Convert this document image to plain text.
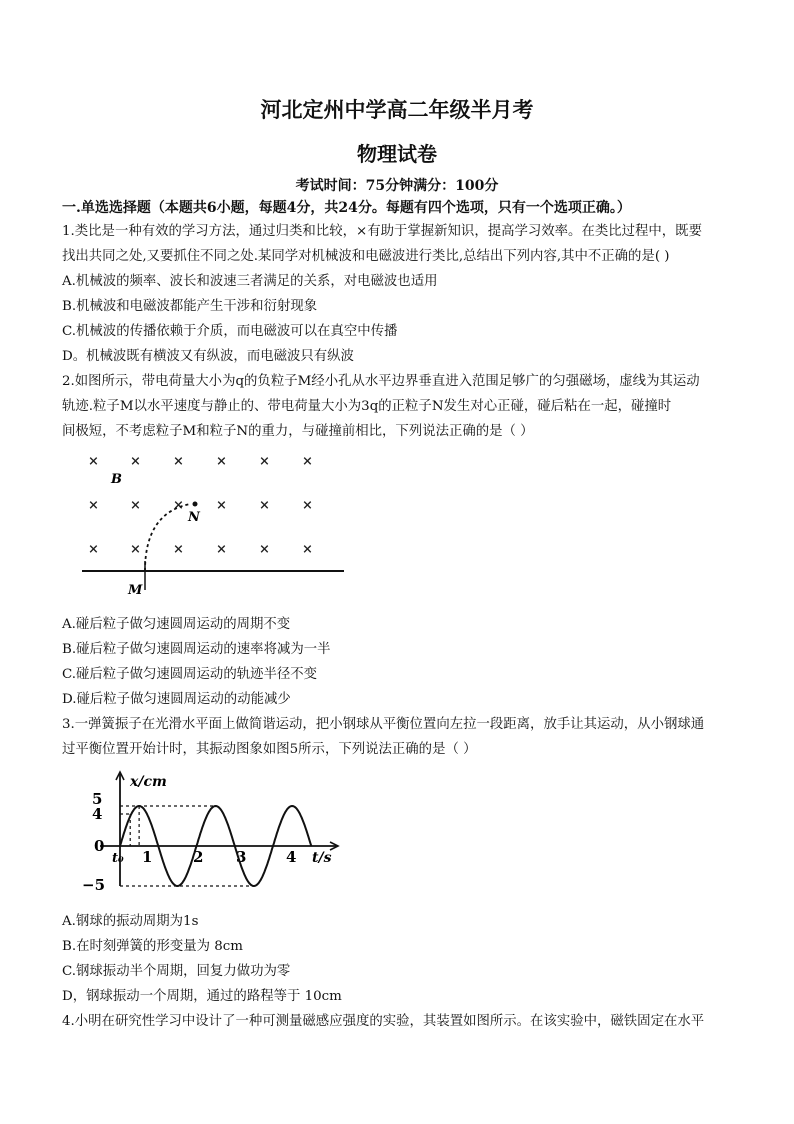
河北定州中学高二年级半月考
物理试卷
考试时间：75分钟满分：100分
一.单选选择题（本题共6小题，每题4分，共24分。每题有四个选项，只有一个选项正确。）
1.类比是一种有效的学习方法，通过归类和比较，×有助于掌握新知识，提高学习效率。在类比过程中，既要
找出共同之处,又要抓住不同之处.某同学对机械波和电磁波进行类比,总结出下列内容,其中不正确的是( )
A.机械波的频率、波长和波速三者满足的关系，对电磁波也适用
B.机械波和电磁波都能产生干涉和衍射现象
C.机械波的传播依赖于介质，而电磁波可以在真空中传播
D。机械波既有横波又有纵波，而电磁波只有纵波
2.如图所示，带电荷量大小为q的负粒子M经小孔从水平边界垂直进入范围足够广的匀强磁场，虚线为其运动
轨迹.粒子M以水平速度与静止的、带电荷量大小为3q的正粒子N发生对心正碰，碰后粘在一起，碰撞时
间极短，不考虑粒子M和粒子N的重力，与碰撞前相比，下列说法正确的是（ ）
× × × × × ×
× × × × × ×
× × × × × ×
B
N
M
A.碰后粒子做匀速圆周运动的周期不变
B.碰后粒子做匀速圆周运动的速率将减为一半
C.碰后粒子做匀速圆周运动的轨迹半径不变
D.碰后粒子做匀速圆周运动的动能减少
3.一弹簧振子在光滑水平面上做简谐运动，把小钢球从平衡位置向左拉一段距离，放手让其运动，从小钢球通
过平衡位置开始计时，其振动图象如图5所示，下列说法正确的是（ ）
x/cm
t/s
5
4
0
−5
t₀ 1	2 3	4
A.钢球的振动周期为1s
B.在时刻弹簧的形变量为 8cm
C.钢球振动半个周期，回复力做功为零
D，钢球振动一个周期，通过的路程等于 10cm
4.小明在研究性学习中设计了一种可测量磁感应强度的实验，其装置如图所示。在该实验中，磁铁固定在水平
